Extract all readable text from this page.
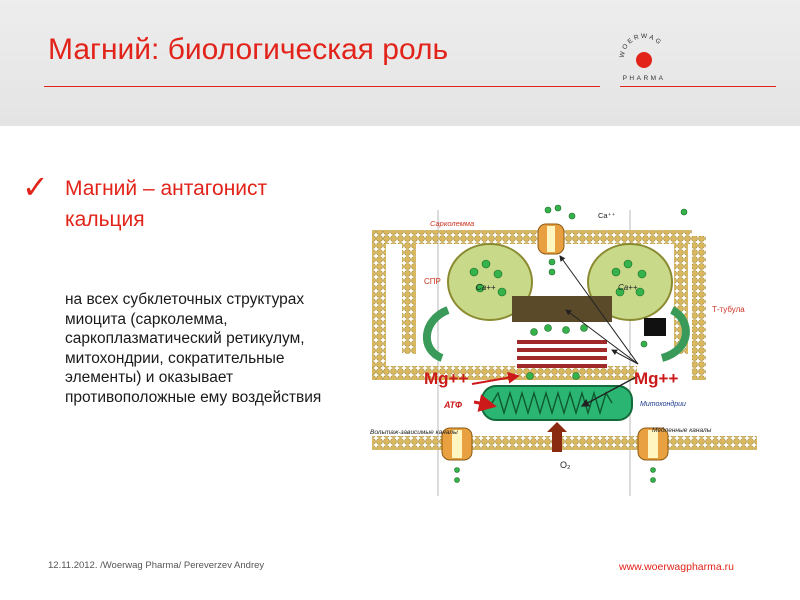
Магний: биологическая роль	WOERWAG
PHARMA
✓ Магний – антагонист кальция
на всех субклеточных структурах миоцита (сарколемма, саркоплазматический ретикулум, митохондрии, сократительные элементы) и оказывает противоположные ему воздействия
Сарколемма
Ca⁺⁺
СПР
Ca++	Ca++
Т-тубула
Mg++	Mg++
АТФ	Митохондрии
Вольтаж-зависимые каналы	Медленные каналы
O₂
12.11.2012. /Woerwag Pharma/ Pereverzev Andrey	www.woerwagpharma.ru
